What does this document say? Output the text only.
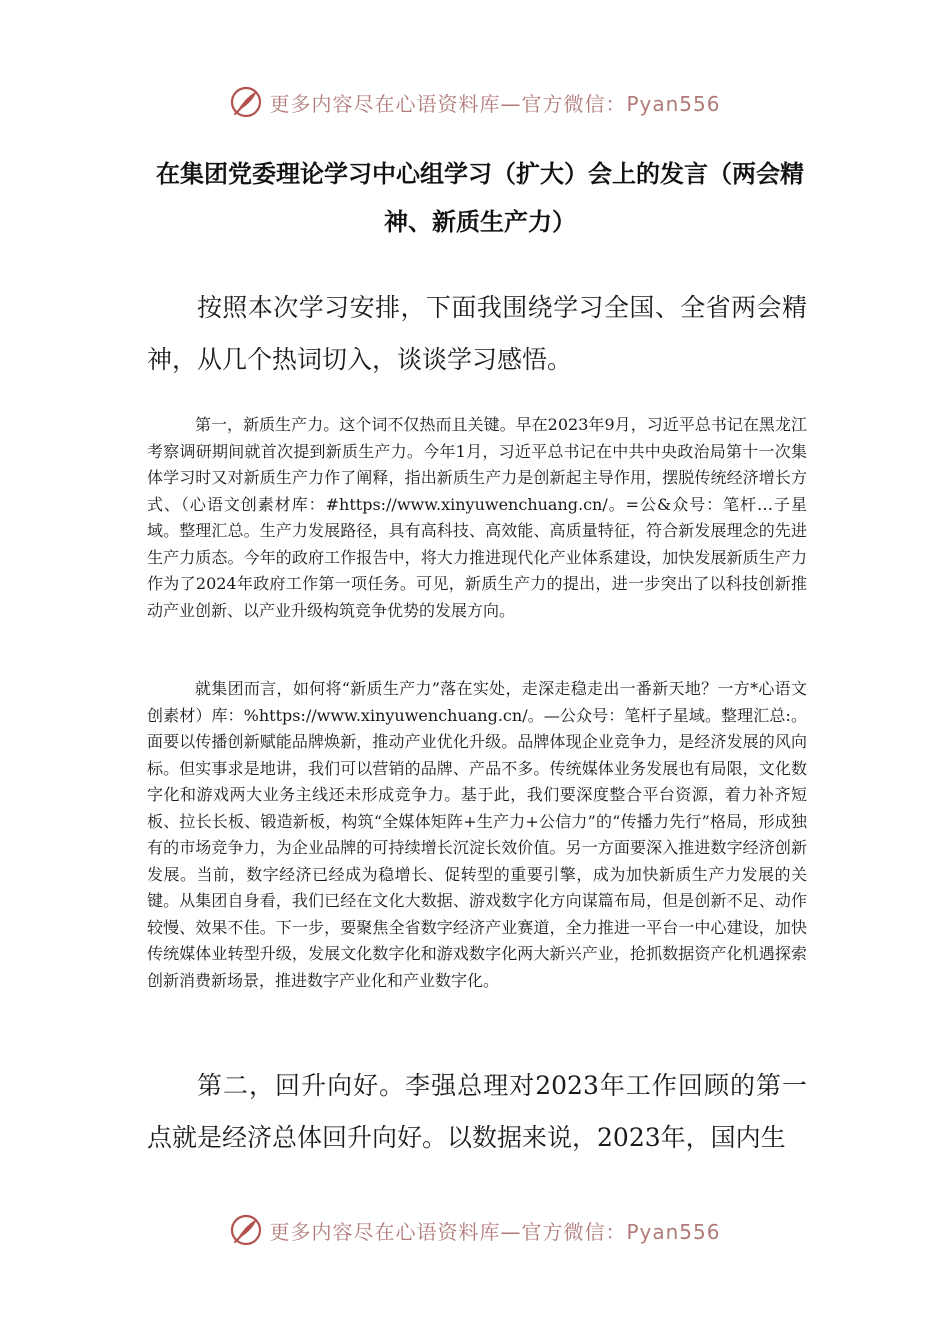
更多内容尽在心语资料库—官方微信：Pyan556
在集团党委理论学习中心组学习（扩大）会上的发言（两会精神、新质生产力）

按照本次学习安排，下面我围绕学习全国、全省两会精神，从几个热词切入，谈谈学习感悟。

第一，新质生产力。这个词不仅热而且关键。早在2023年9月，习近平总书记在黑龙江考察调研期间就首次提到新质生产力。今年1月，习近平总书记在中共中央政治局第十一次集体学习时又对新质生产力作了阐释，指出新质生产力是创新起主导作用，摆脱传统经济增长方式、（心语文创素材库：#https://www.xinyuwenchuang.cn/。=公&众号：笔杆…子星域。整理汇总。生产力发展路径，具有高科技、高效能、高质量特征，符合新发展理念的先进生产力质态。今年的政府工作报告中，将大力推进现代化产业体系建设，加快发展新质生产力作为了2024年政府工作第一项任务。可见，新质生产力的提出，进一步突出了以科技创新推动产业创新、以产业升级构筑竞争优势的发展方向。

就集团而言，如何将“新质生产力”落在实处，走深走稳走出一番新天地？一方*心语文创素材）库：%https://www.xinyuwenchuang.cn/。—公众号：笔杆子星域。整理汇总:。面要以传播创新赋能品牌焕新，推动产业优化升级。品牌体现企业竞争力，是经济发展的风向标。但实事求是地讲，我们可以营销的品牌、产品不多。传统媒体业务发展也有局限，文化数字化和游戏两大业务主线还未形成竞争力。基于此，我们要深度整合平台资源，着力补齐短板、拉长长板、锻造新板，构筑“全媒体矩阵+生产力+公信力”的“传播力先行”格局，形成独有的市场竞争力，为企业品牌的可持续增长沉淀长效价值。另一方面要深入推进数字经济创新发展。当前，数字经济已经成为稳增长、促转型的重要引擎，成为加快新质生产力发展的关键。从集团自身看，我们已经在文化大数据、游戏数字化方向谋篇布局，但是创新不足、动作较慢、效果不佳。下一步，要聚焦全省数字经济产业赛道，全力推进一平台一中心建设，加快传统媒体业转型升级，发展文化数字化和游戏数字化两大新兴产业，抢抓数据资产化机遇探索创新消费新场景，推进数字产业化和产业数字化。

第二，回升向好。李强总理对2023年工作回顾的第一点就是经济总体回升向好。以数据来说，2023年，国内生

更多内容尽在心语资料库—官方微信：Pyan556
